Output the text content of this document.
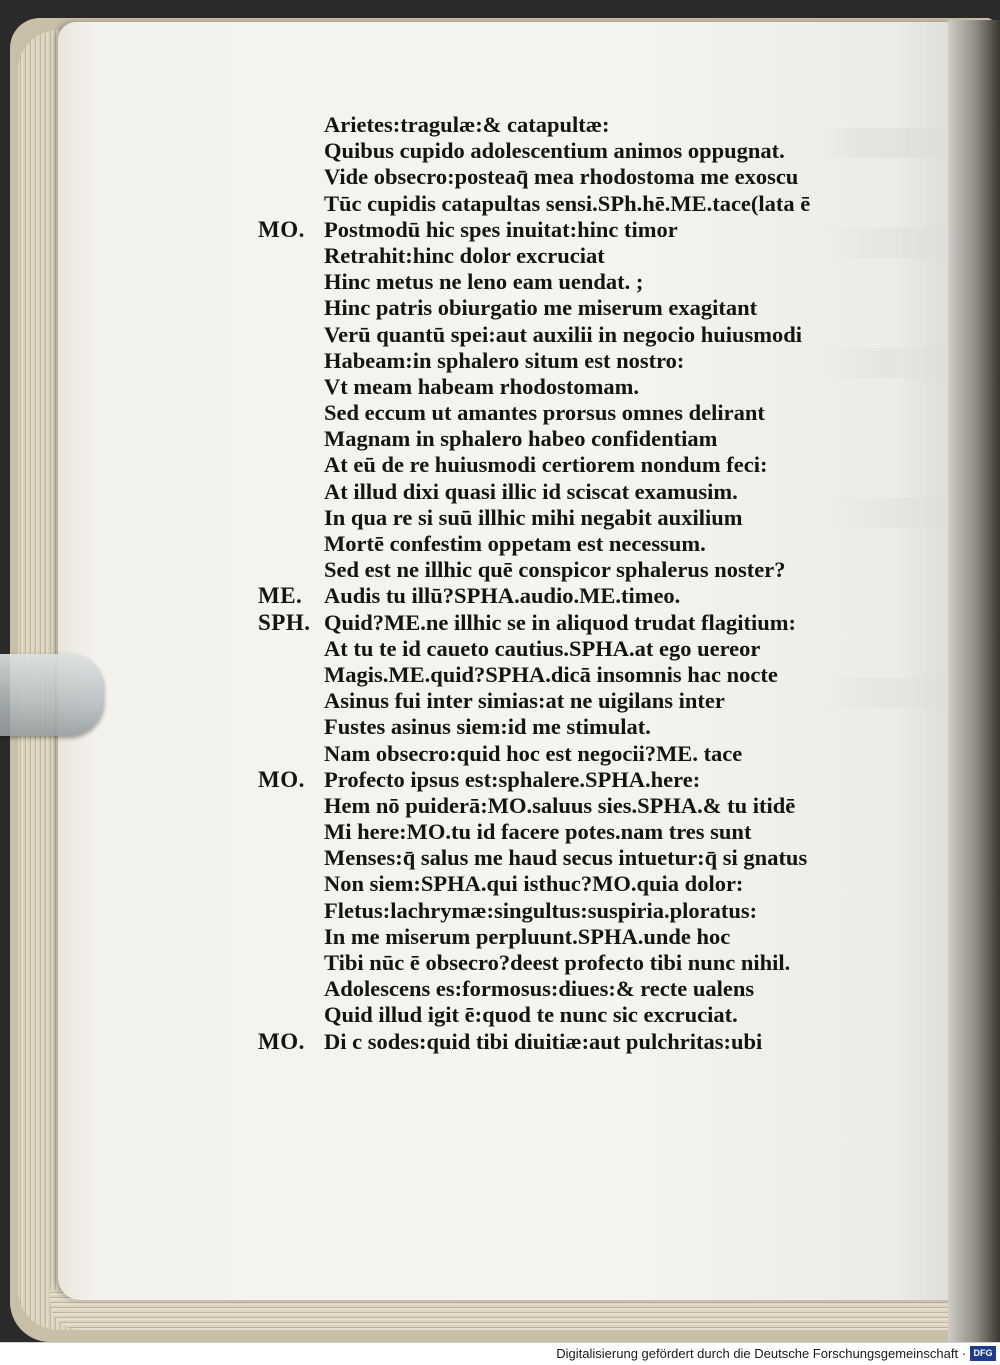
Arietes:tragulæ:& catapultæ:
Quibus cupido adolescentium animos oppugnat.
Vide obsecro:posteaq̄ mea rhodostoma me exoscu
Tūc cupidis catapultas sensi.SPh.hē.ME.tace(lata ē
MO. Postmodū hic spes inuitat:hinc timor
Retrahit:hinc dolor excruciat
Hinc metus ne leno eam uendat. ;
Hinc patris obiurgatio me miserum exagitant
Verū quantū spei:aut auxilii in negocio huiusmodi
Habeam:in sphalero situm est nostro:
Vt meam habeam rhodostomam.
Sed eccum ut amantes prorsus omnes delirant
Magnam in sphalero habeo confidentiam
At eū de re huiusmodi certiorem nondum feci:
At illud dixi quasi illic id sciscat examusim.
In qua re si suū illhic mihi negabit auxilium
Mortē confestim oppetam est necessum.
Sed est ne illhic quē conspicor sphalerus noster?
ME. Audis tu illū?SPHA.audio.ME.timeo.
SPH. Quid?ME.ne illhic se in aliquod trudat flagitium:
At tu te id caueto cautius.SPHA.at ego uereor
Magis.ME.quid?SPHA.dicā insomnis hac nocte
Asinus fui inter simias:at ne uigilans inter
Fustes asinus siem:id me stimulat.
Nam obsecro:quid hoc est negocii?ME. tace
MO. Profecto ipsus est:sphalere.SPHA.here:
Hem nō puiderā:MO.saluus sies.SPHA.& tu itidē
Mi here:MO.tu id facere potes.nam tres sunt
Menses:q̄ salus me haud secus intuetur:q̄ si gnatus
Non siem:SPHA.qui isthuc?MO.quia dolor:
Fletus:lachrymæ:singultus:suspiria.ploratus:
In me miserum perpluunt.SPHA.unde hoc
Tibi nūc ē obsecro?deest profecto tibi nunc nihil.
Adolescens es:formosus:diues:& recte ualens
Quid illud igit ē:quod te nunc sic excruciat.
MO. Di c sodes:quid tibi diuitiæ:aut pulchritas:ubi
Digitalisierung gefördert durch die Deutsche Forschungsgemeinschaft · DFG
